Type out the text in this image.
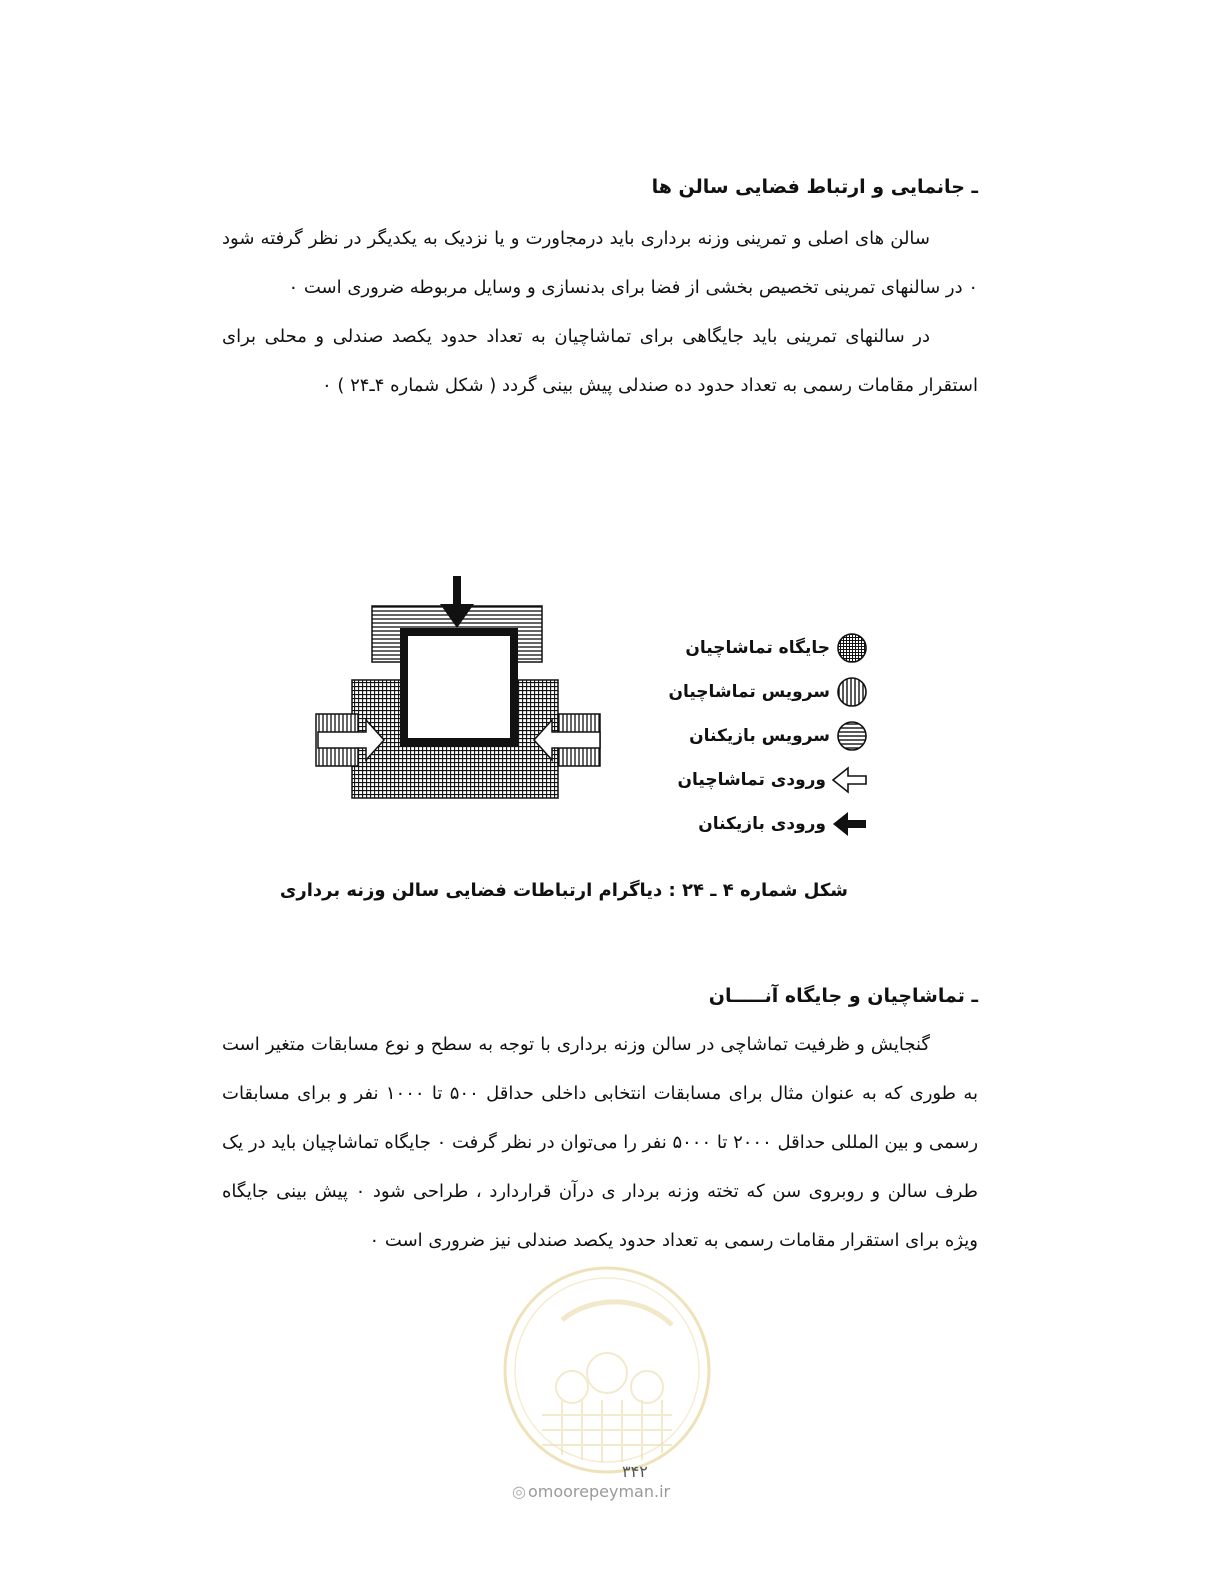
ـ جانمایی و ارتباط فضایی سالن ها

سالن های اصلی و تمرینی وزنه برداری باید درمجاورت و یا نزدیک به یکدیگر در نظر گرفته شود ۰ در سالنهای تمرینی تخصیص بخشی از فضا برای بدنسازی و وسایل مربوطه ضروری است ۰

در سالنهای تمرینی باید جایگاهی برای تماشاچیان به تعداد حدود یکصد صندلی و محلی برای استقرار مقامات رسمی به تعداد حدود ده صندلی پیش بینی گردد ( شکل شماره ۴ـ۲۴ ) ۰

جایگاه تماشاچیان
سرویس تماشاچیان
سرویس بازیکنان
ورودی تماشاچیان
ورودی بازیکنان
شکل شماره ۴ ـ ۲۴ : دیاگرام ارتباطات فضایی سالن وزنه برداری
ـ تماشاچیان و جایگاه آنـــــان

گنجایش و ظرفیت تماشاچی در سالن وزنه برداری با توجه به سطح و نوع مسابقات متغیر است به طوری که به عنوان مثال برای مسابقات انتخابی داخلی حداقل ۵۰۰ تا ۱۰۰۰ نفر و برای مسابقات رسمی و بین المللی حداقل ۲۰۰۰ تا ۵۰۰۰ نفر را می‌توان در نظر گرفت ۰ جایگاه تماشاچیان باید در یک طرف سالن و روبروی سن که تخته وزنه بردار ی درآن قراردارد ، طراحی شود ۰ پیش بینی جایگاه ویژه برای استقرار مقامات رسمی به تعداد حدود یکصد صندلی نیز ضروری است ۰

۳۴۲
◎ omoorepeyman.ir
